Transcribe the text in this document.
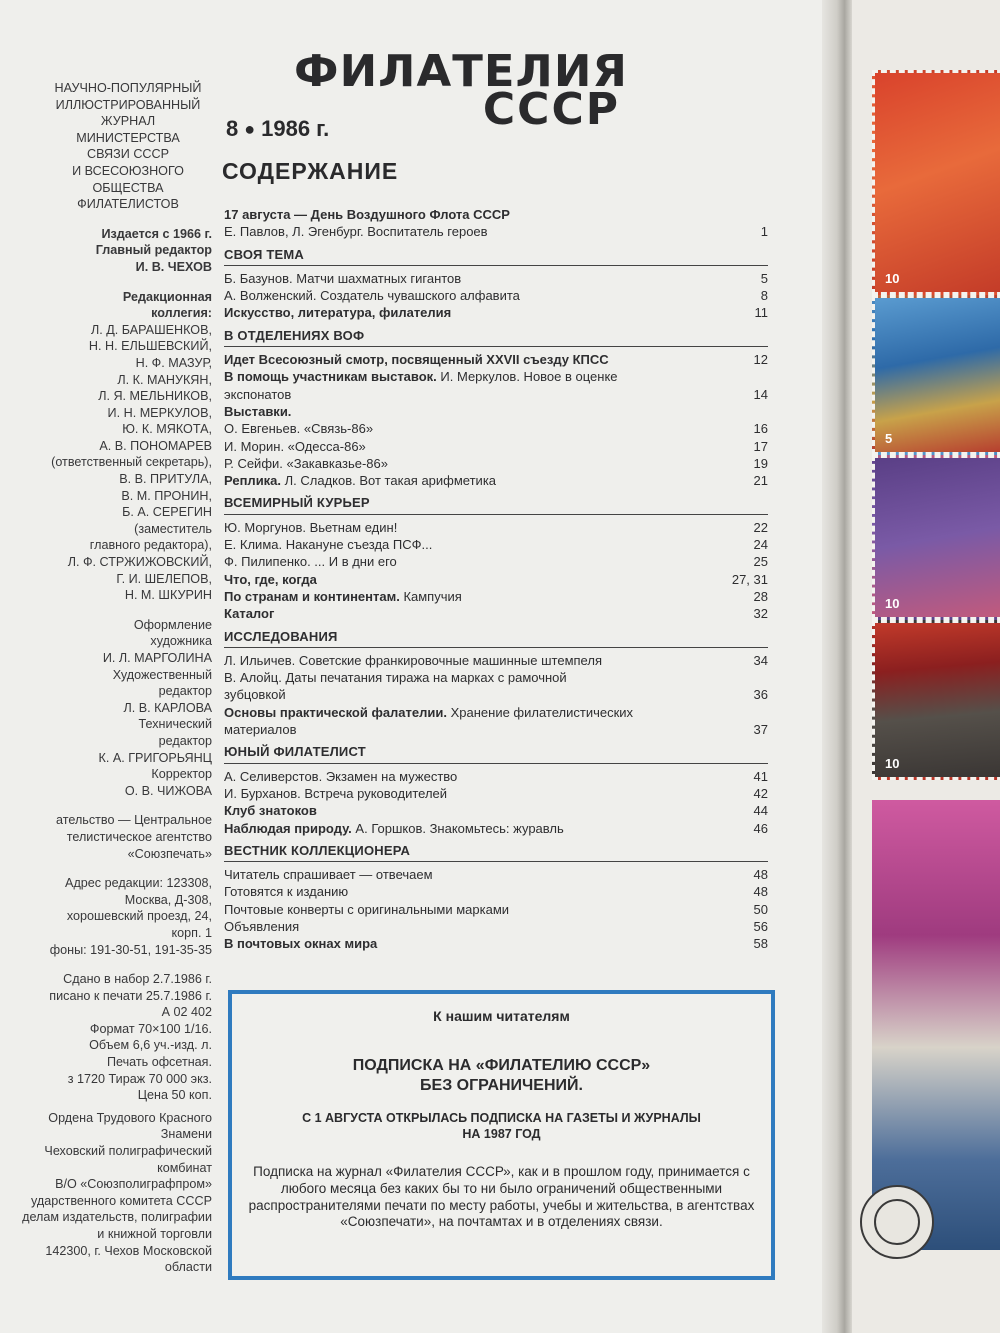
10
5
10
10
ФИЛАТЕЛИЯ
СССР
8 ● 1986 г.
СОДЕРЖАНИЕ
НАУЧНО-ПОПУЛЯРНЫЙ
ИЛЛЮСТРИРОВАННЫЙ
ЖУРНАЛ
МИНИСТЕРСТВА
СВЯЗИ СССР
И ВСЕСОЮЗНОГО
ОБЩЕСТВА
ФИЛАТЕЛИСТОВ
Издается с 1966 г.
Главный редактор
И. В. ЧЕХОВ
Редакционная
коллегия:
Л. Д. БАРАШЕНКОВ,
Н. Н. ЕЛЬШЕВСКИЙ,
Н. Ф. МАЗУР,
Л. К. МАНУКЯН,
Л. Я. МЕЛЬНИКОВ,
И. Н. МЕРКУЛОВ,
Ю. К. МЯКОТА,
А. В. ПОНОМАРЕВ
(ответственный секретарь),
В. В. ПРИТУЛА,
В. М. ПРОНИН,
Б. А. СЕРЕГИН
(заместитель
главного редактора),
Л. Ф. СТРЖИЖОВСКИЙ,
Г. И. ШЕЛЕПОВ,
Н. М. ШКУРИН
Оформление
художника
И. Л. МАРГОЛИНА
Художественный
редактор
Л. В. КАРЛОВА
Технический
редактор
К. А. ГРИГОРЬЯНЦ
Корректор
О. В. ЧИЖОВА
ательство — Центральное
телистическое агентство
«Союзпечать»
Адрес редакции: 123308,
Москва, Д-308,
хорошевский проезд, 24,
корп. 1
фоны: 191-30-51, 191-35-35
Сдано в набор 2.7.1986 г.
писано к печати 25.7.1986 г.
А 02 402
Формат 70×100 1/16.
Объем 6,6 уч.-изд. л.
Печать офсетная.
з 1720 Тираж 70 000 экз.
Цена 50 коп.
Ордена Трудового Красного
Знамени
Чеховский полиграфический
комбинат
В/О «Союзполиграфпром»
ударственного комитета СССР
делам издательств, полиграфии
и книжной торговли
142300, г. Чехов Московской
области
17 августа — День Воздушного Флота СССР
Е. Павлов, Л. Эгенбург. Воспитатель героев	1
СВОЯ ТЕМА
Б. Базунов. Матчи шахматных гигантов	5
А. Волженский. Создатель чувашского алфавита	8
Искусство, литература, филателия	11
В ОТДЕЛЕНИЯХ ВОФ
Идет Всесоюзный смотр, посвященный XXVII съезду КПСС	12
В помощь участникам выставок. И. Меркулов. Новое в оценке
экспонатов	14
Выставки.
О. Евгеньев. «Связь-86»	16
И. Морин. «Одесса-86»	17
Р. Сейфи. «Закавказье-86»	19
Реплика. Л. Сладков. Вот такая арифметика	21
ВСЕМИРНЫЙ КУРЬЕР
Ю. Моргунов. Вьетнам един!	22
Е. Клима. Накануне съезда ПСФ...	24
Ф. Пилипенко. ... И в дни его	25
Что, где, когда	27, 31
По странам и континентам. Кампучия	28
Каталог	32
ИССЛЕДОВАНИЯ
Л. Ильичев. Советские франкировочные машинные штемпеля	34
В. Алойц. Даты печатания тиража на марках с рамочной
зубцовкой	36
Основы практической фалателии. Хранение филателистических
материалов	37
ЮНЫЙ ФИЛАТЕЛИСТ
А. Селиверстов. Экзамен на мужество	41
И. Бурханов. Встреча руководителей	42
Клуб знатоков	44
Наблюдая природу. А. Горшков. Знакомьтесь: журавль	46
ВЕСТНИК КОЛЛЕКЦИОНЕРА
Читатель спрашивает — отвечаем	48
Готовятся к изданию	48
Почтовые конверты с оригинальными марками	50
Объявления	56
В почтовых окнах мира	58
К нашим читателям
ПОДПИСКА НА «ФИЛАТЕЛИЮ СССР»
БЕЗ ОГРАНИЧЕНИЙ.
С 1 АВГУСТА ОТКРЫЛАСЬ ПОДПИСКА НА ГАЗЕТЫ И ЖУРНАЛЫ
НА 1987 ГОД
Подписка на журнал «Филателия СССР», как и в прошлом году, принимается с любого месяца без каких бы то ни было ограничений общественными распространителями печати по месту работы, учебы и жительства, в агентствах «Союзпечати», на почтамтах и в отделениях связи.
